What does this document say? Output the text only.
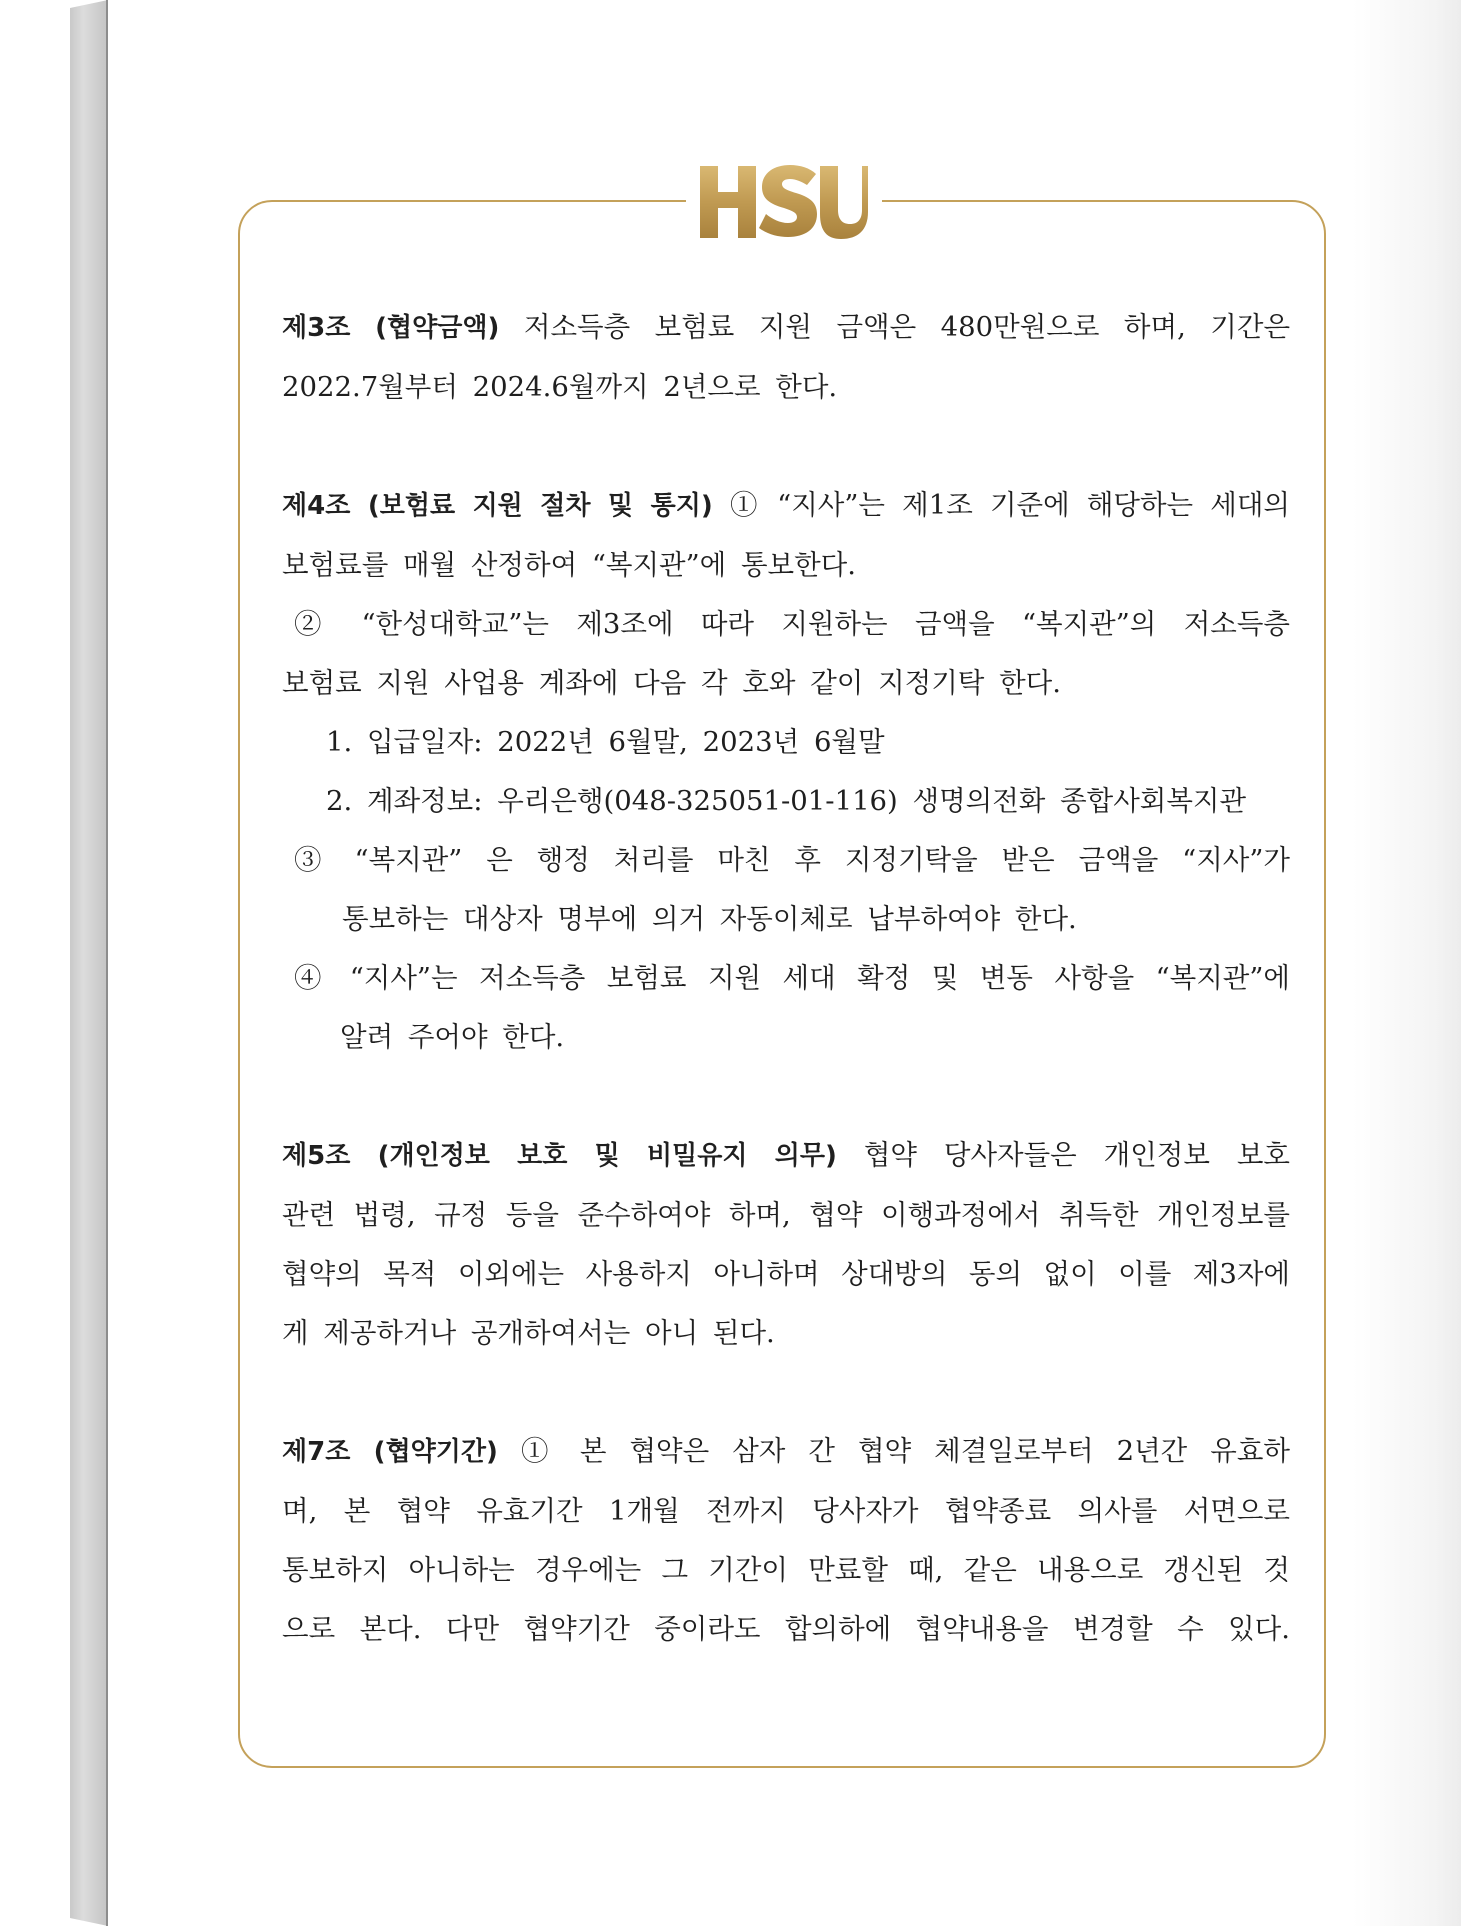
제3조 (협약금액) 저소득층 보험료 지원 금액은 480만원으로 하며, 기간은
2022.7월부터 2024.6월까지 2년으로 한다.
제4조 (보험료 지원 절차 및 통지) ① “지사”는 제1조 기준에 해당하는 세대의
보험료를 매월 산정하여 “복지관”에 통보한다.
② “한성대학교”는 제3조에 따라 지원하는 금액을 “복지관”의 저소득층
보험료 지원 사업용 계좌에 다음 각 호와 같이 지정기탁 한다.
1. 입급일자: 2022년 6월말, 2023년 6월말
2. 계좌정보: 우리은행(048-325051-01-116) 생명의전화 종합사회복지관
③ “복지관” 은 행정 처리를 마친 후 지정기탁을 받은 금액을 “지사”가
통보하는 대상자 명부에 의거 자동이체로 납부하여야 한다.
④ “지사”는 저소득층 보험료 지원 세대 확정 및 변동 사항을 “복지관”에
알려 주어야 한다.
제5조 (개인정보 보호 및 비밀유지 의무) 협약 당사자들은 개인정보 보호
관련 법령, 규정 등을 준수하여야 하며, 협약 이행과정에서 취득한 개인정보를
협약의 목적 이외에는 사용하지 아니하며 상대방의 동의 없이 이를 제3자에
게 제공하거나 공개하여서는 아니 된다.
제7조 (협약기간) ① 본 협약은 삼자 간 협약 체결일로부터 2년간 유효하
며, 본 협약 유효기간 1개월 전까지 당사자가 협약종료 의사를 서면으로
통보하지 아니하는 경우에는 그 기간이 만료할 때, 같은 내용으로 갱신된 것
으로 본다. 다만 협약기간 중이라도 합의하에 협약내용을 변경할 수 있다.
